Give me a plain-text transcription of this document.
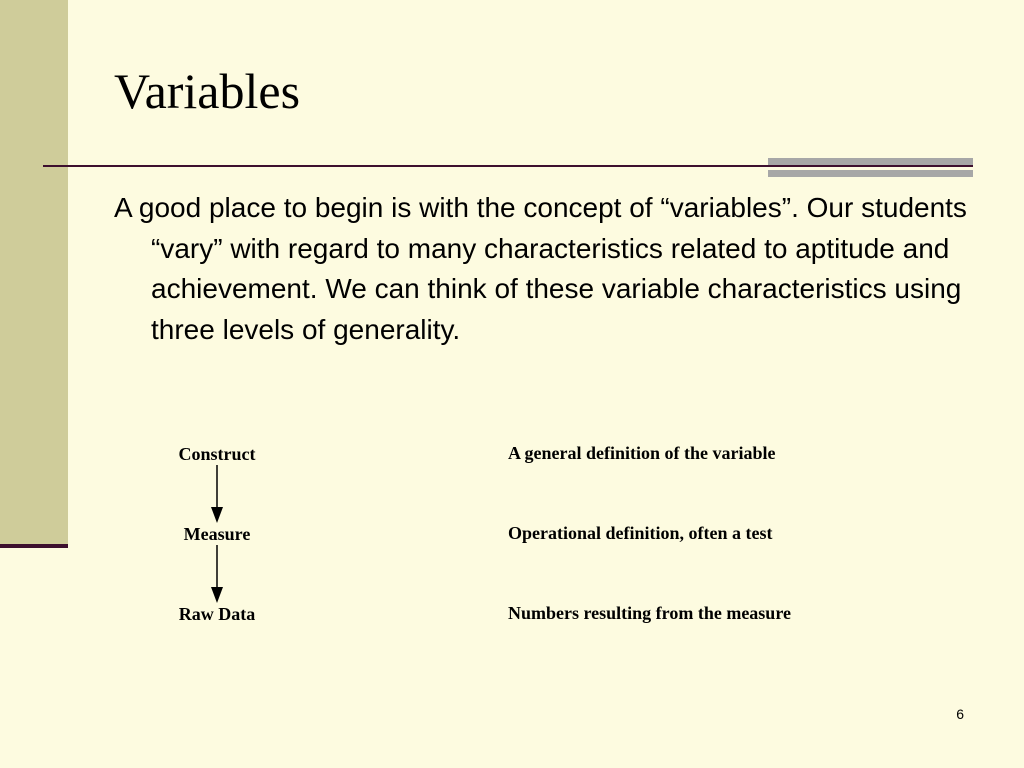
Variables

A good place to begin is with the concept of “variables”. Our students “vary” with regard to many characteristics related to aptitude and achievement. We can think of these variable characteristics using three levels of generality.

Construct
Measure
Raw Data
A general definition of the variable
Operational definition, often a test
Numbers resulting from the measure
6
